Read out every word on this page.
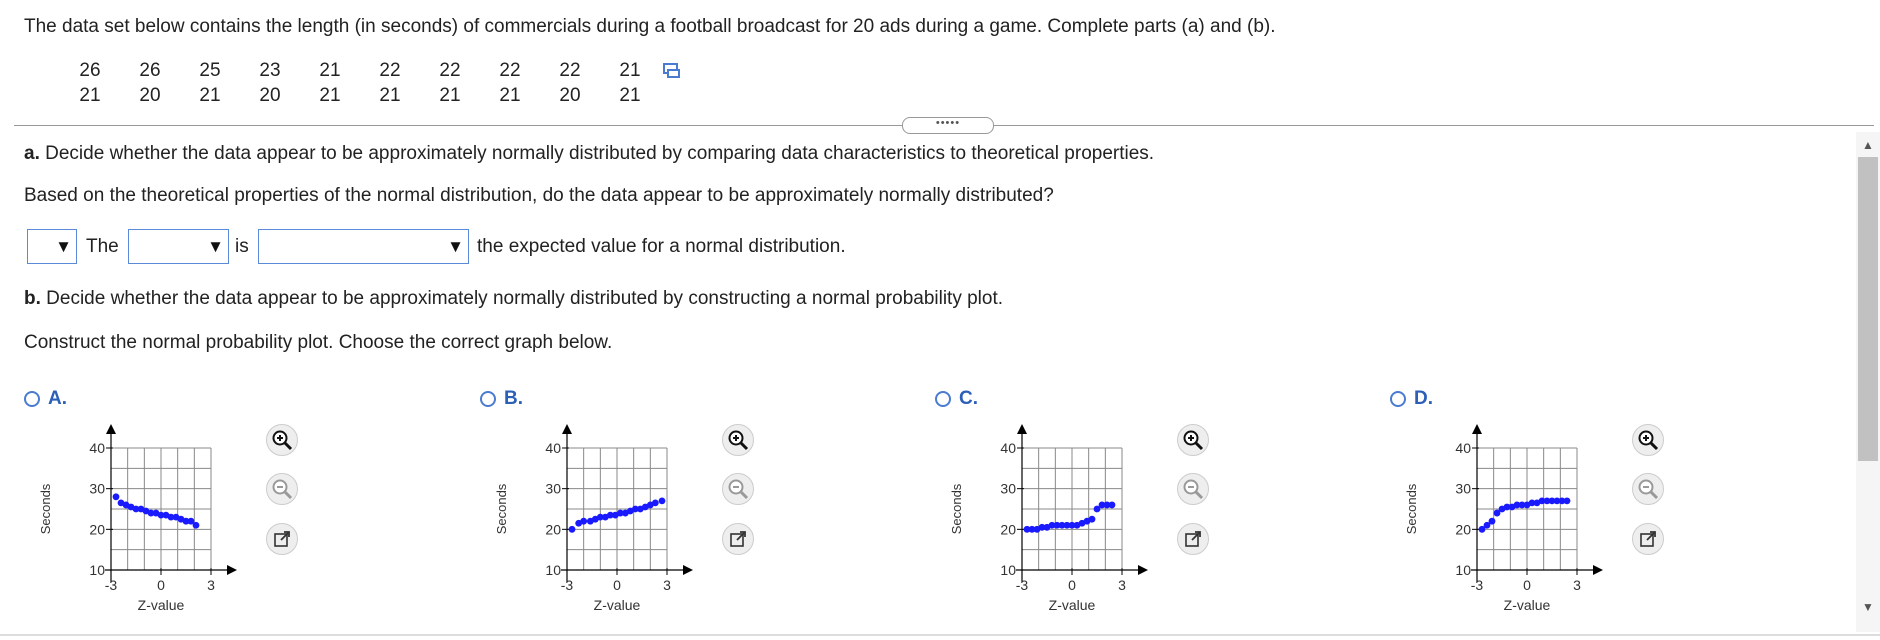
The data set below contains the length (in seconds) of commercials during a football broadcast for 20 ads during a game. Complete parts (a) and (b).
26	26	25	23	21	22	22	22	22	21
21	20	21	20	21	21	21	21	20	21
•••••
▲
▼
a. Decide whether the data appear to be approximately normally distributed by comparing data characteristics to theoretical properties.
Based on the theoretical properties of the normal distribution, do the data appear to be approximately normally distributed?
▼ The	▼ is	▼ the expected value for a normal distribution.
b. Decide whether the data appear to be approximately normally distributed by constructing a normal probability plot.
Construct the normal probability plot. Choose the correct graph below.
A.
40
30
20
10
-3	0	3
Z-value
Seconds
B.
40
30
20
10
-3	0	3
Z-value
Seconds
C.
40
30
20
10
-3	0	3
Z-value
Seconds
D.
40
30
20
10
-3	0	3
Z-value
Seconds
